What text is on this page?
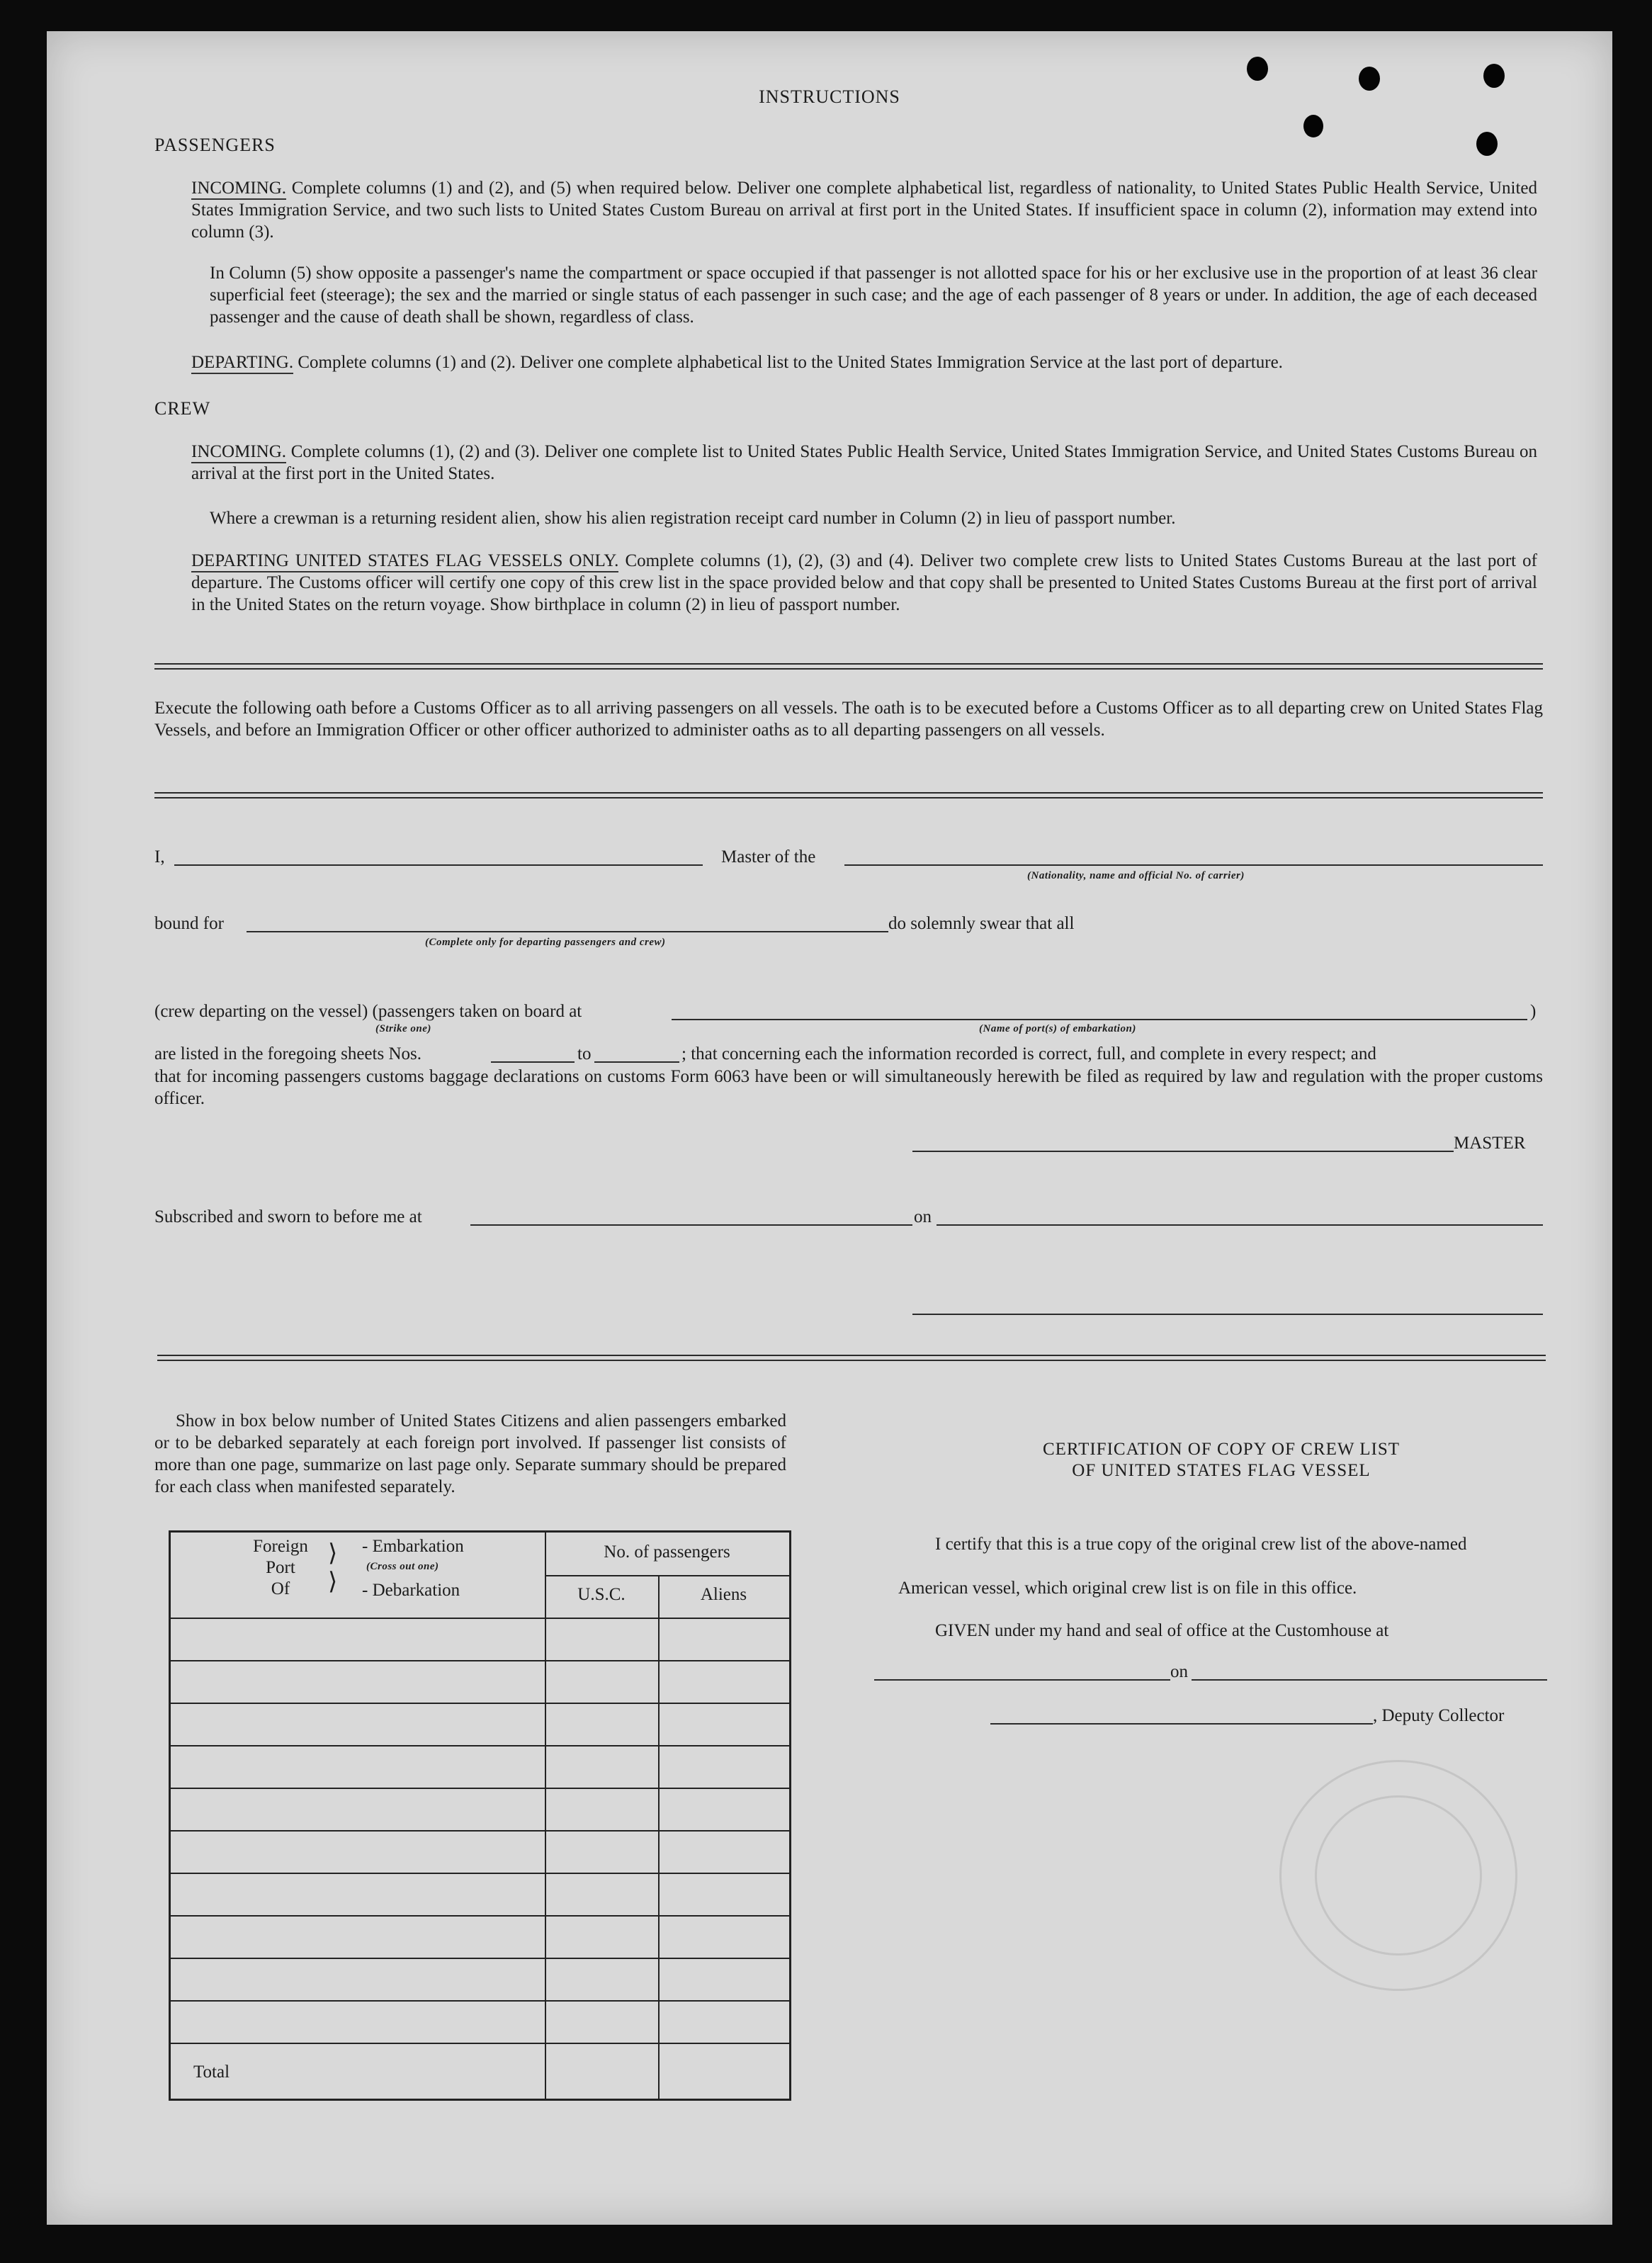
INSTRUCTIONS
PASSENGERS
INCOMING. Complete columns (1) and (2), and (5) when required below. Deliver one complete alphabetical list, regardless of nationality, to United States Public Health Service, United States Immigration Service, and two such lists to United States Custom Bureau on arrival at first port in the United States. If insufficient space in column (2), information may extend into column (3).
In Column (5) show opposite a passenger's name the compartment or space occupied if that passenger is not allotted space for his or her exclusive use in the proportion of at least 36 clear superficial feet (steerage); the sex and the married or single status of each passenger in such case; and the age of each passenger of 8 years or under. In addition, the age of each deceased passenger and the cause of death shall be shown, regardless of class.
DEPARTING. Complete columns (1) and (2). Deliver one complete alphabetical list to the United States Immigration Service at the last port of departure.
CREW
INCOMING. Complete columns (1), (2) and (3). Deliver one complete list to United States Public Health Service, United States Immigration Service, and United States Customs Bureau on arrival at the first port in the United States.
Where a crewman is a returning resident alien, show his alien registration receipt card number in Column (2) in lieu of passport number.
DEPARTING UNITED STATES FLAG VESSELS ONLY. Complete columns (1), (2), (3) and (4). Deliver two complete crew lists to United States Customs Bureau at the last port of departure. The Customs officer will certify one copy of this crew list in the space provided below and that copy shall be presented to United States Customs Bureau at the first port of arrival in the United States on the return voyage. Show birthplace in column (2) in lieu of passport number.
Execute the following oath before a Customs Officer as to all arriving passengers on all vessels. The oath is to be executed before a Customs Officer as to all departing crew on United States Flag Vessels, and before an Immigration Officer or other officer authorized to administer oaths as to all departing passengers on all vessels.
I,	Master of the
(Nationality, name and official No. of carrier)
bound for	do solemnly swear that all
(Complete only for departing passengers and crew)
(crew departing on the vessel) (passengers taken on board at	)
(Strike one)	(Name of port(s) of embarkation)
are listed in the foregoing sheets Nos.	to	; that concerning each the information recorded is correct, full, and complete in every respect; and
that for incoming passengers customs baggage declarations on customs Form 6063 have been or will simultaneously herewith be filed as required by law and regulation with the proper customs officer.
MASTER
Subscribed and sworn to before me at	on
Show in box below number of United States Citizens and alien passengers embarked or to be debarked separately at each foreign port involved. If passenger list consists of more than one page, summarize on last page only. Separate summary should be prepared for each class when manifested separately.
Foreign
Port
Of
⟩
⟩
- Embarkation
(Cross out one)
- Debarkation
No. of passengers
U.S.C.	Aliens
Total
CERTIFICATION OF COPY OF CREW LIST
OF UNITED STATES FLAG VESSEL
I certify that this is a true copy of the original crew list of the above-named
American vessel, which original crew list is on file in this office.
GIVEN under my hand and seal of office at the Customhouse at
on
, Deputy Collector
